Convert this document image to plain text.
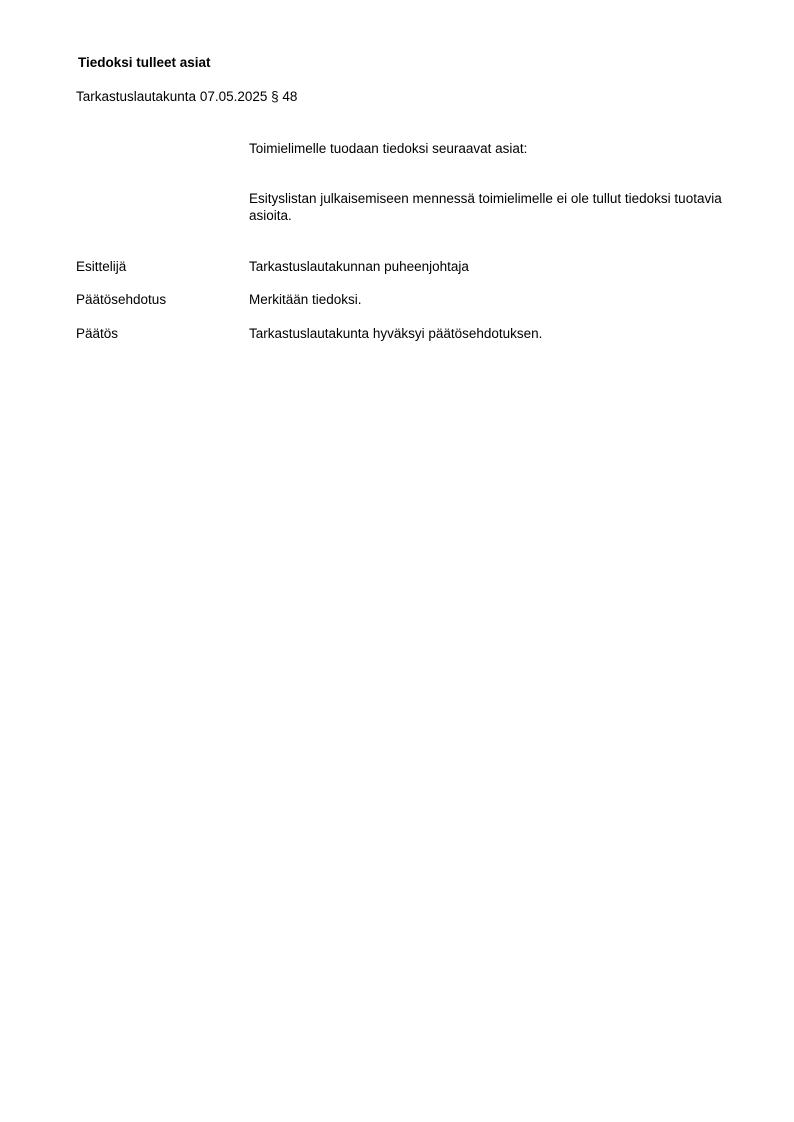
Tiedoksi tulleet asiat

Tarkastuslautakunta 07.05.2025 § 48

Toimielimelle tuodaan tiedoksi seuraavat asiat:

Esityslistan julkaisemiseen mennessä toimielimelle ei ole tullut tiedoksi tuotavia asioita.

Esittelijä	Tarkastuslautakunnan puheenjohtaja

Päätösehdotus	Merkitään tiedoksi.

Päätös	Tarkastuslautakunta hyväksyi päätösehdotuksen.
